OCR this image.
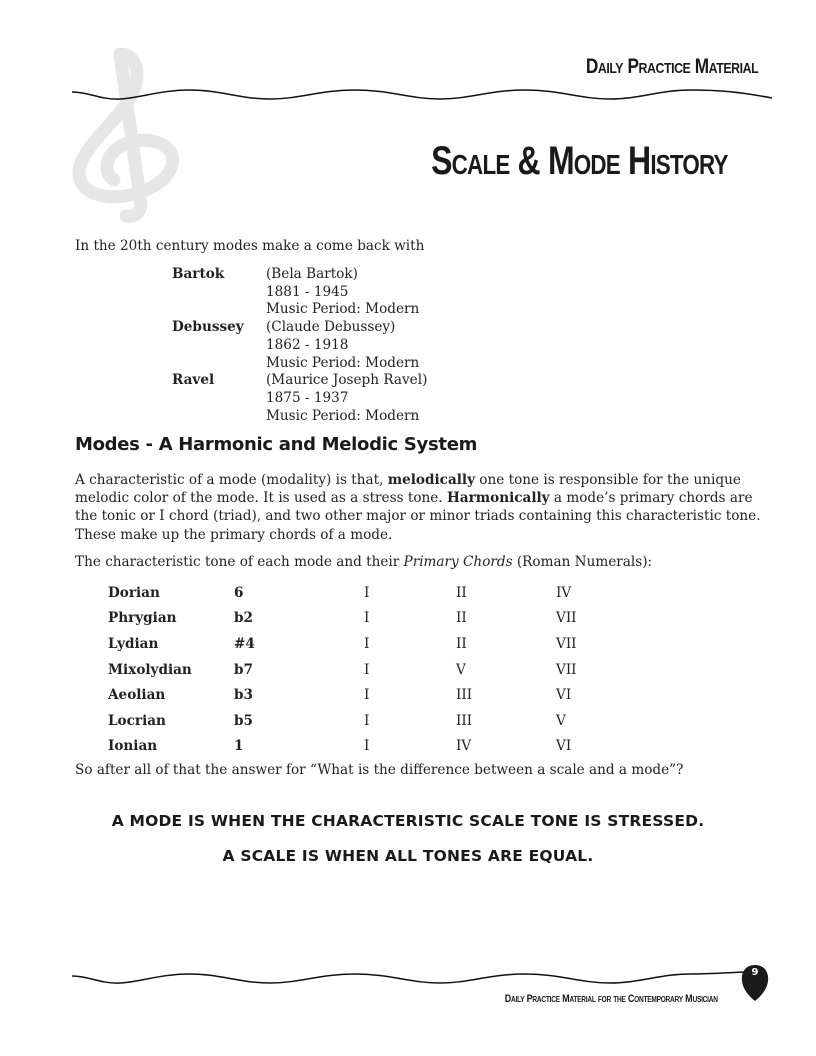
Daily Practice Material
Scale & Mode History
In the 20th century modes make a come back with
Bartok	(Bela Bartok)
1881 - 1945
Music Period: Modern
Debussey	(Claude Debussey)
1862 - 1918
Music Period: Modern
Ravel	(Maurice Joseph Ravel)
1875 - 1937
Music Period: Modern
Modes - A Harmonic and Melodic System
A characteristic of a mode (modality) is that, melodically one tone is responsible for the unique melodic color of the mode. It is used as a stress tone. Harmonically a mode’s primary chords are the tonic or I chord (triad), and two other major or minor triads containing this characteristic tone. These make up the primary chords of a mode.
The characteristic tone of each mode and their Primary Chords (Roman Numerals):
Dorian	6	I	II	IV
Phrygian	b2	I	II	VII
Lydian	#4	I	II	VII
Mixolydian	b7	I	V	VII
Aeolian	b3	I	III	VI
Locrian	b5	I	III	V
Ionian	1	I	IV	VI
So after all of that the answer for “What is the difference between a scale and a mode”?
A MODE IS WHEN THE CHARACTERISTIC SCALE TONE IS STRESSED.
A SCALE IS WHEN ALL TONES ARE EQUAL.
Daily Practice Material for the Contemporary Musician
9
